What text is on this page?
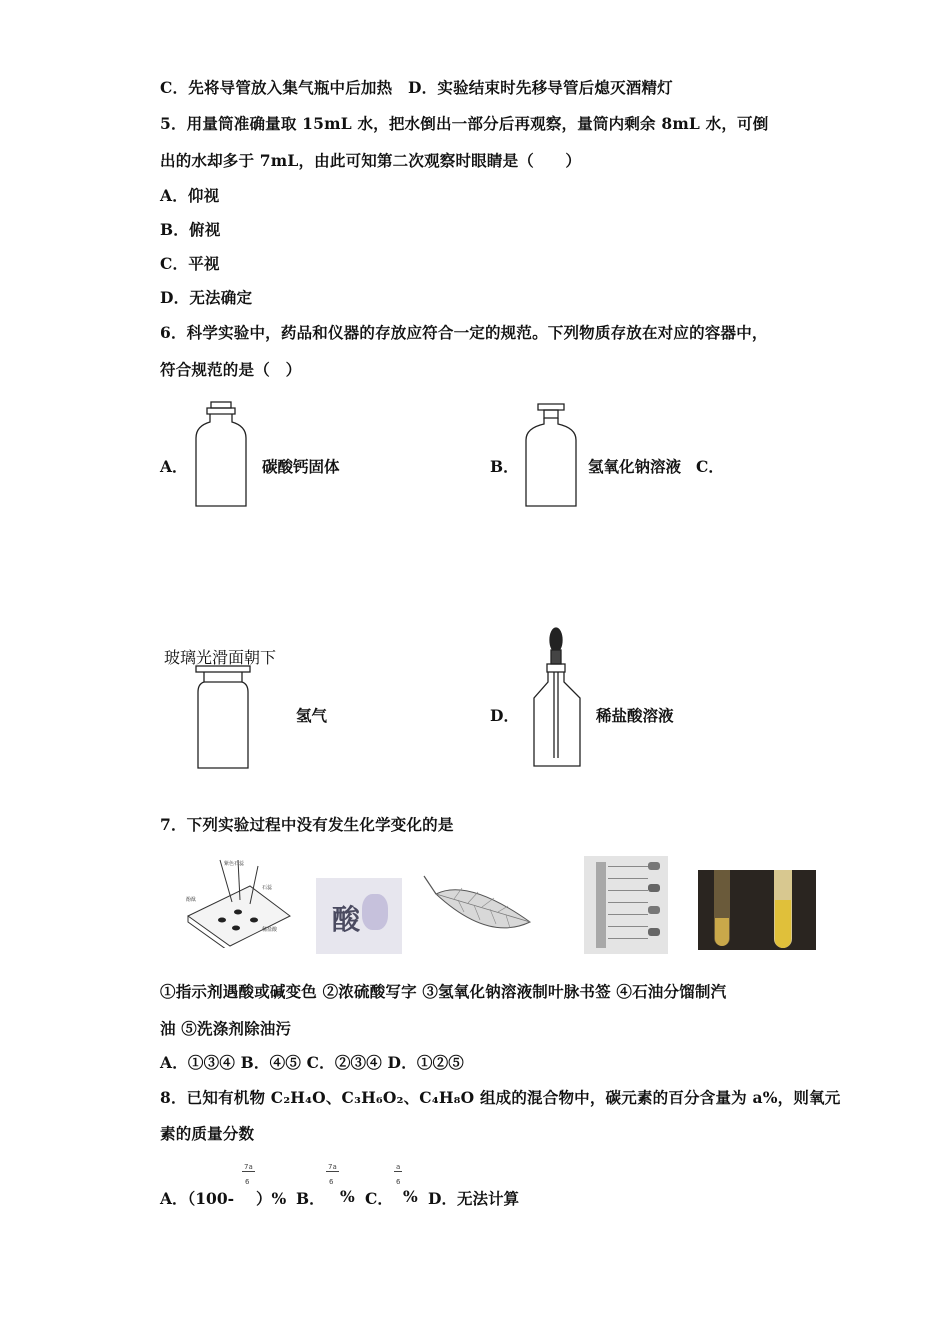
C．先将导管放入集气瓶中后加热　D．实验结束时先移导管后熄灭酒精灯
5．用量筒准确量取 15mL 水，把水倒出一部分后再观察，量筒内剩余 8mL 水，可倒
出的水却多于 7mL，由此可知第二次观察时眼睛是（　　）
A．仰视
B．俯视
C．平视
D．无法确定
6．科学实验中，药品和仪器的存放应符合一定的规范。下列物质存放在对应的容器中，
符合规范的是（　）
A．	碳酸钙固体	B．	氢氧化钠溶液 C．
玻璃光滑面朝下
氢气	D．	稀盐酸溶液
7．下列实验过程中没有发生化学变化的是
紫色石蕊
石蕊
酚酞
稀盐酸 酸
①指示剂遇酸或碱变色 ②浓硫酸写字 ③氢氧化钠溶液制叶脉书签 ④石油分馏制汽
油 ⑤洗涤剂除油污
A．①③④ B．④⑤ C．②③④ D．①②⑤
8．已知有机物 C₂H₄O、C₃H₆O₂、C₄H₈O 组成的混合物中，碳元素的百分含量为 a%，则氧元
素的质量分数
A．（100-
7a
6
）% B．
7a
6
% C．
a
6
% D．无法计算
